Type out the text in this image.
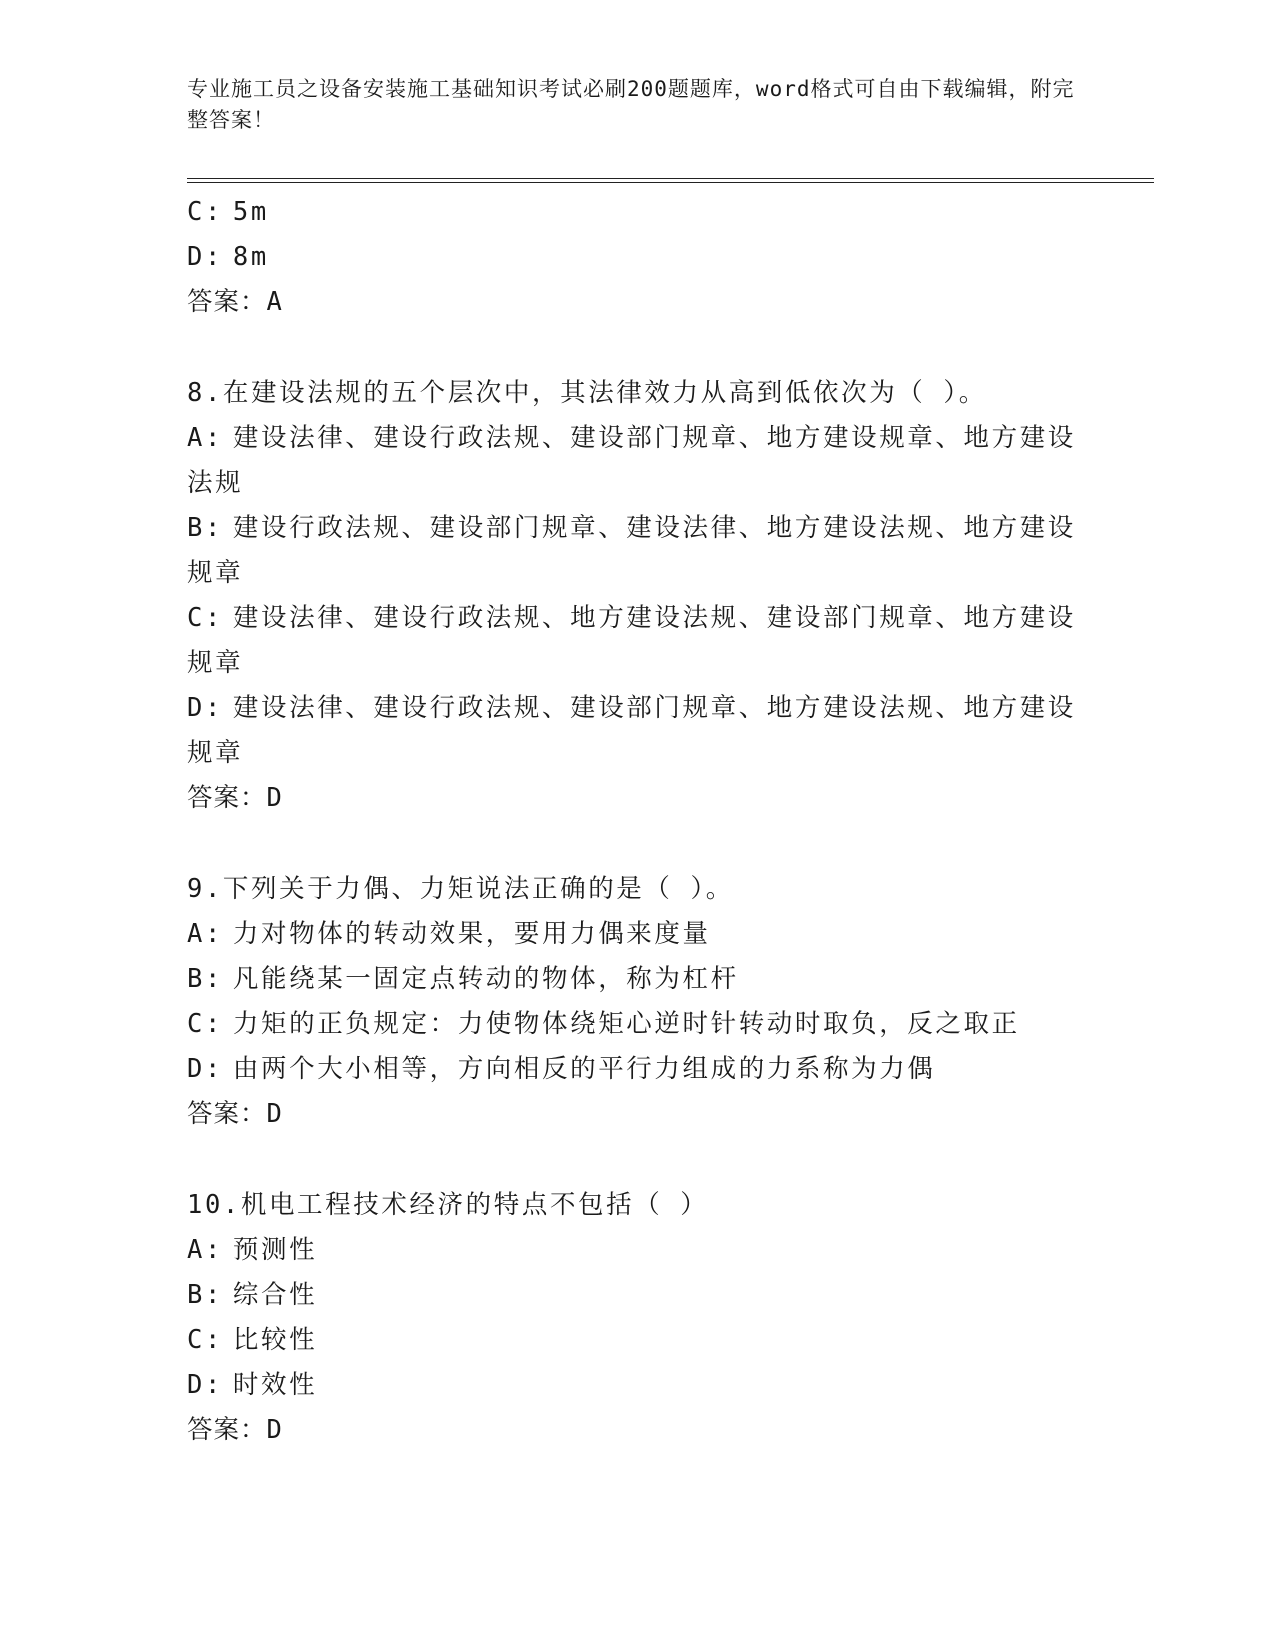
专业施工员之设备安装施工基础知识考试必刷200题题库，word格式可自由下载编辑，附完整答案！
C: 5m
D: 8m
答案：A
8.在建设法规的五个层次中，其法律效力从高到低依次为（ ）。
A: 建设法律、建设行政法规、建设部门规章、地方建设规章、地方建设法规
B: 建设行政法规、建设部门规章、建设法律、地方建设法规、地方建设规章
C: 建设法律、建设行政法规、地方建设法规、建设部门规章、地方建设规章
D: 建设法律、建设行政法规、建设部门规章、地方建设法规、地方建设规章
答案：D
9.下列关于力偶、力矩说法正确的是（ ）。
A: 力对物体的转动效果，要用力偶来度量
B: 凡能绕某一固定点转动的物体，称为杠杆
C: 力矩的正负规定：力使物体绕矩心逆时针转动时取负，反之取正
D: 由两个大小相等，方向相反的平行力组成的力系称为力偶
答案：D
10.机电工程技术经济的特点不包括（ ）
A: 预测性
B: 综合性
C: 比较性
D: 时效性
答案：D
